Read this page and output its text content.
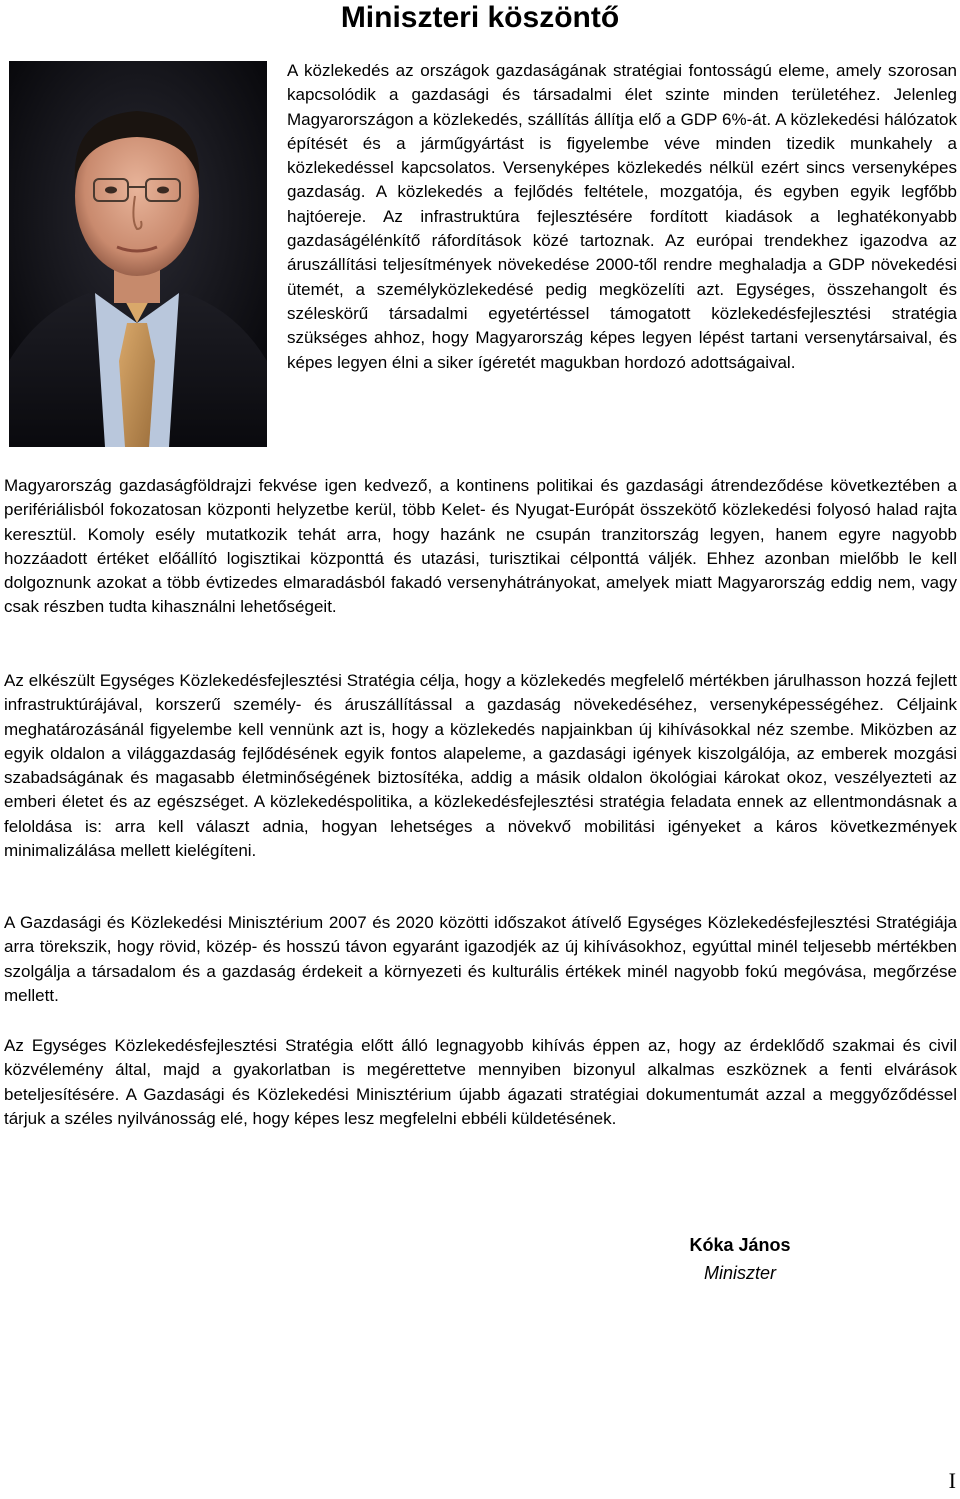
Miniszteri köszöntő

A közlekedés az országok gazdaságának stratégiai fontosságú eleme, amely szorosan kapcsolódik a gazdasági és társadalmi élet szinte minden területéhez. Jelenleg Magyarországon a közlekedés, szállítás állítja elő a GDP 6%-át. A közlekedési hálózatok építését és a járműgyártást is figyelembe véve minden tizedik munkahely a közlekedéssel kapcsolatos. Versenyképes közlekedés nélkül ezért sincs versenyképes gazdaság. A közlekedés a fejlődés feltétele, mozgatója, és egyben egyik legfőbb hajtóereje. Az infrastruktúra fejlesztésére fordított kiadások a leghatékonyabb gazdaságélénkítő ráfordítások közé tartoznak. Az európai trendekhez igazodva az áruszállítási teljesítmények növekedése 2000-től rendre meghaladja a GDP növekedési ütemét, a személyközlekedésé pedig megközelíti azt. Egységes, összehangolt és széleskörű társadalmi egyetértéssel támogatott közlekedésfejlesztési stratégia szükséges ahhoz, hogy Magyarország képes legyen lépést tartani versenytársaival, és képes legyen élni a siker ígéretét magukban hordozó adottságaival.

Magyarország gazdaságföldrajzi fekvése igen kedvező, a kontinens politikai és gazdasági átrendeződése következtében a perifériálisból fokozatosan központi helyzetbe kerül, több Kelet- és Nyugat-Európát összekötő közlekedési folyosó halad rajta keresztül. Komoly esély mutatkozik tehát arra, hogy hazánk ne csupán tranzitország legyen, hanem egyre nagyobb hozzáadott értéket előállító logisztikai központtá és utazási, turisztikai célponttá váljék. Ehhez azonban mielőbb le kell dolgoznunk azokat a több évtizedes elmaradásból fakadó versenyhátrányokat, amelyek miatt Magyarország eddig nem, vagy csak részben tudta kihasználni lehetőségeit.

Az elkészült Egységes Közlekedésfejlesztési Stratégia célja, hogy a közlekedés megfelelő mértékben járulhasson hozzá fejlett infrastruktúrájával, korszerű személy- és áruszállítással a gazdaság növekedéséhez, versenyképességéhez. Céljaink meghatározásánál figyelembe kell vennünk azt is, hogy a közlekedés napjainkban új kihívásokkal néz szembe. Miközben az egyik oldalon a világgazdaság fejlődésének egyik fontos alapeleme, a gazdasági igények kiszolgálója, az emberek mozgási szabadságának és magasabb életminőségének biztosítéka, addig a másik oldalon ökológiai károkat okoz, veszélyezteti az emberi életet és az egészséget. A közlekedéspolitika, a közlekedésfejlesztési stratégia feladata ennek az ellentmondásnak a feloldása is: arra kell választ adnia, hogyan lehetséges a növekvő mobilitási igényeket a káros következmények minimalizálása mellett kielégíteni.

A Gazdasági és Közlekedési Minisztérium 2007 és 2020 közötti időszakot átívelő Egységes Közlekedésfejlesztési Stratégiája arra törekszik, hogy rövid, közép- és hosszú távon egyaránt igazodjék az új kihívásokhoz, egyúttal minél teljesebb mértékben szolgálja a társadalom és a gazdaság érdekeit a környezeti és kulturális értékek minél nagyobb fokú megóvása, megőrzése mellett.

Az Egységes Közlekedésfejlesztési Stratégia előtt álló legnagyobb kihívás éppen az, hogy az érdeklődő szakmai és civil közvélemény által, majd a gyakorlatban is megérettetve mennyiben bizonyul alkalmas eszköznek a fenti elvárások beteljesítésére. A Gazdasági és Közlekedési Minisztérium újabb ágazati stratégiai dokumentumát azzal a meggyőződéssel tárjuk a széles nyilvánosság elé, hogy képes lesz megfelelni ebbéli küldetésének.

Kóka János
Miniszter
I
